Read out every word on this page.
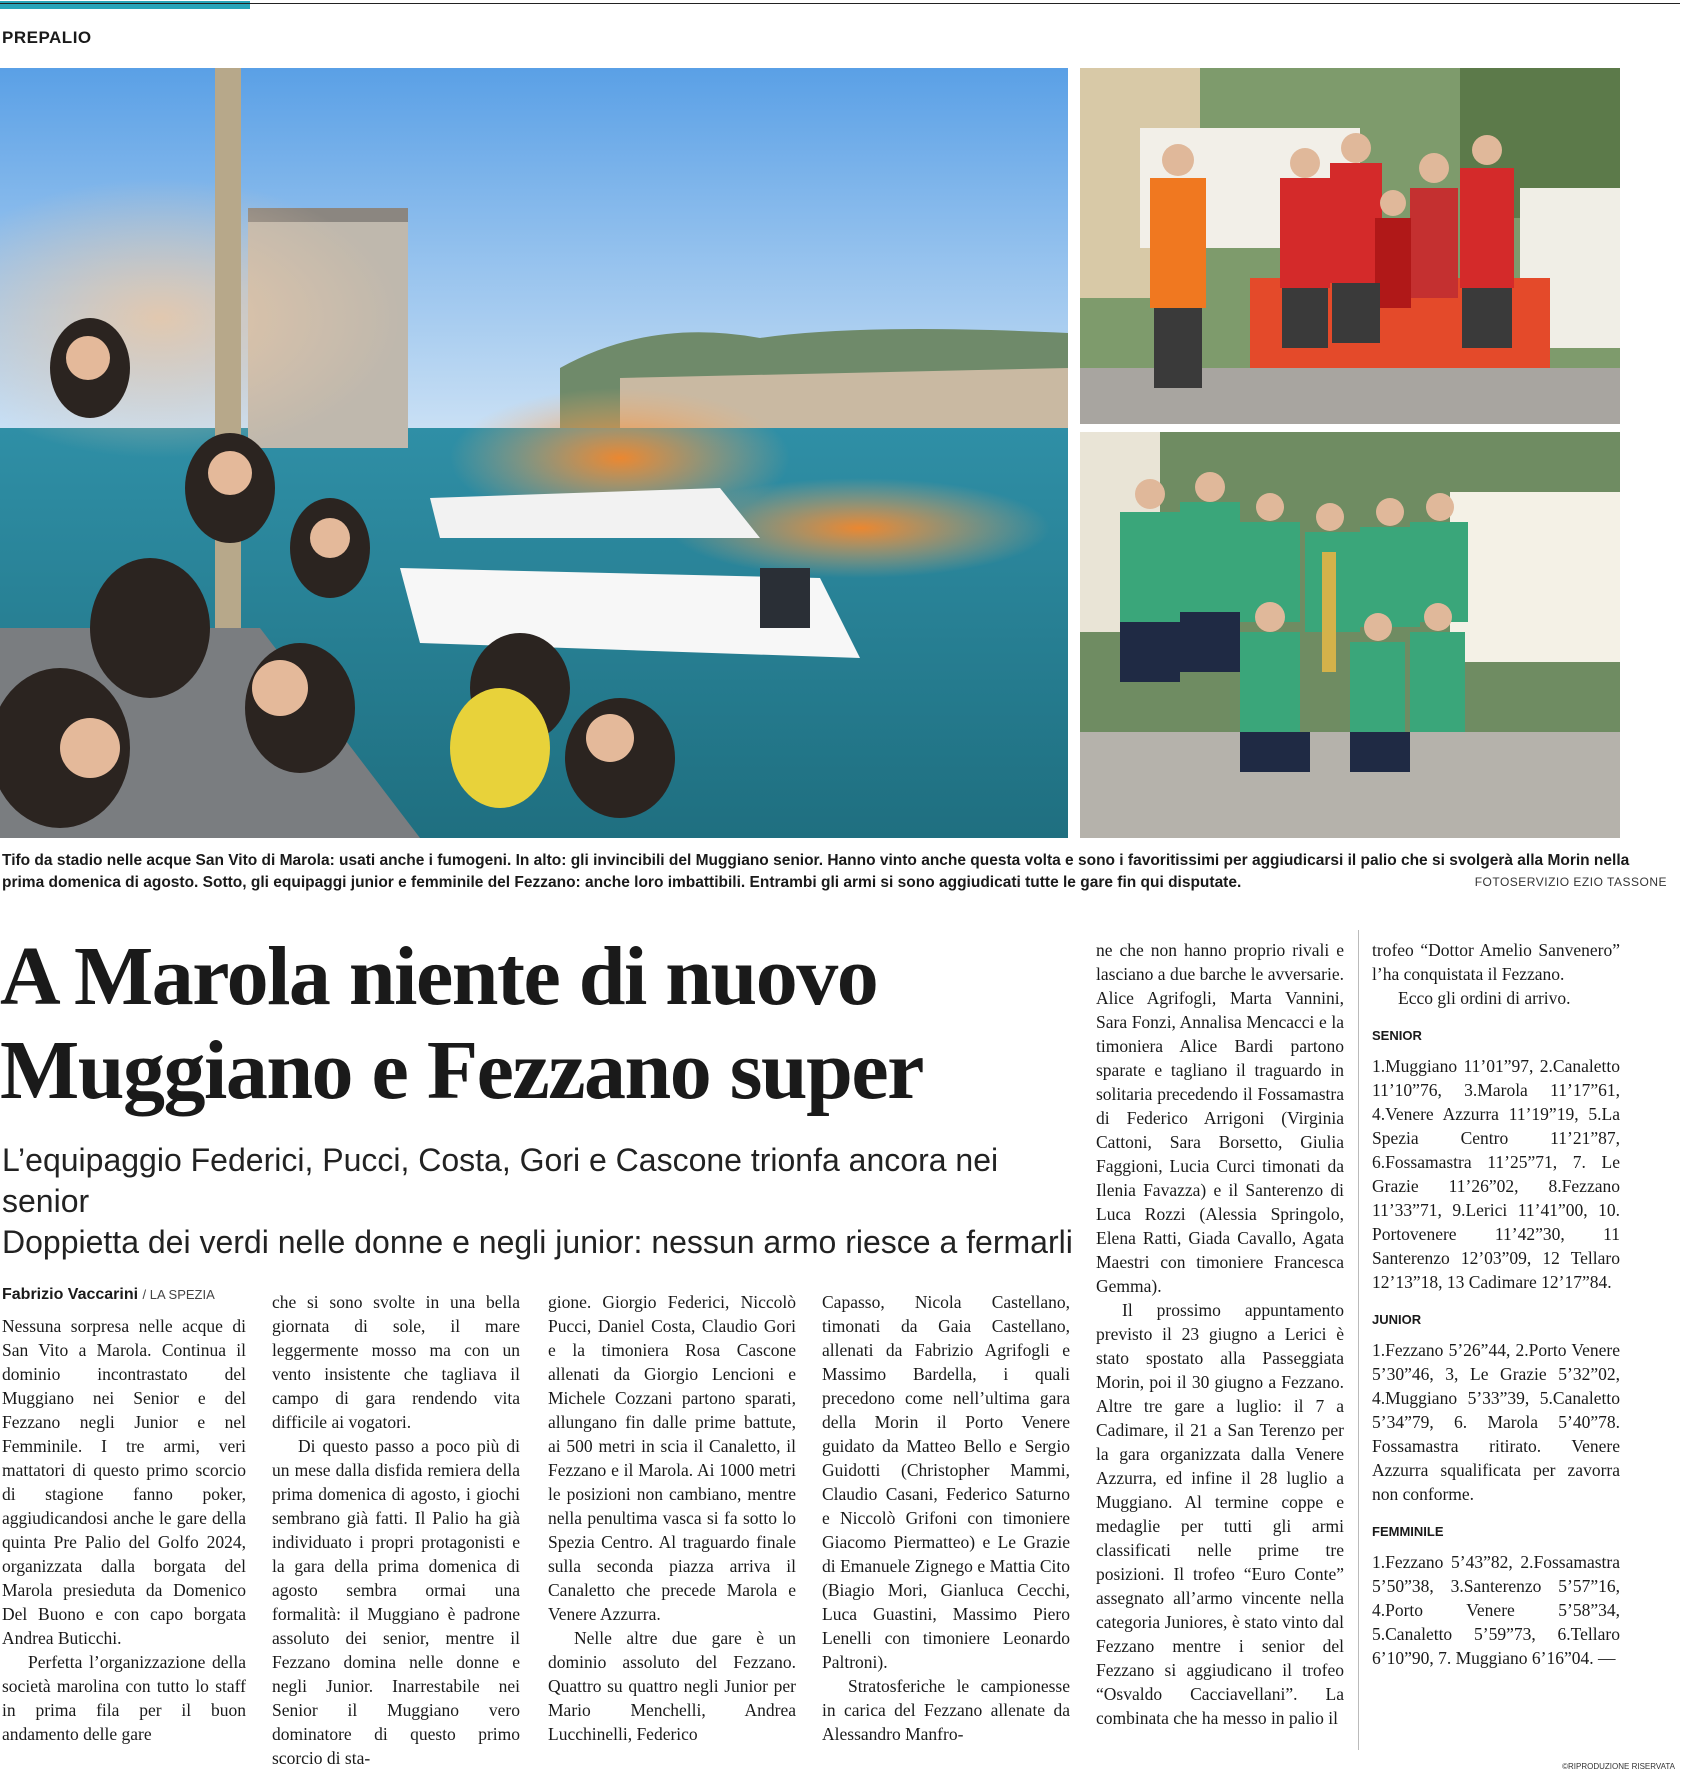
PREPALIO
Tifo da stadio nelle acque San Vito di Marola: usati anche i fumogeni. In alto: gli invincibili del Muggiano senior. Hanno vinto anche questa volta e sono i favoritissimi per aggiudicarsi il palio che si svolgerà alla Morin nella prima domenica di agosto. Sotto, gli equipaggi junior e femminile del Fezzano: anche loro imbattibili. Entrambi gli armi si sono aggiudicati tutte le gare fin qui disputate.	FOTOSERVIZIO EZIO TASSONE
A Marola niente di nuovo
Muggiano e Fezzano super
L’equipaggio Federici, Pucci, Costa, Gori e Cascone trionfa ancora nei senior
Doppietta dei verdi nelle donne e negli junior: nessun armo riesce a fermarli
Fabrizio Vaccarini / LA SPEZIA

Nessuna sorpresa nelle acque di San Vito a Marola. Continua il dominio incontrastato del Muggiano nei Senior e del Fezzano negli Junior e nel Femminile. I tre armi, veri mattatori di questo primo scorcio di stagione fanno poker, aggiudicandosi anche le gare della quinta Pre Palio del Golfo 2024, organizzata dalla borgata del Marola presieduta da Domenico Del Buono e con capo borgata Andrea Buticchi.

Perfetta l’organizzazione della società marolina con tutto lo staff in prima fila per il buon andamento delle gare

che si sono svolte in una bella giornata di sole, il mare leggermente mosso ma con un vento insistente che tagliava il campo di gara rendendo vita difficile ai vogatori.

Di questo passo a poco più di un mese dalla disfida remiera della prima domenica di agosto, i giochi sembrano già fatti. Il Palio ha già individuato i propri protagonisti e la gara della prima domenica di agosto sembra ormai una formalità: il Muggiano è padrone assoluto dei senior, mentre il Fezzano domina nelle donne e negli Junior. Inarrestabile nei Senior il Muggiano vero dominatore di questo primo scorcio di sta-

gione. Giorgio Federici, Niccolò Pucci, Daniel Costa, Claudio Gori e la timoniera Rosa Cascone allenati da Giorgio Lencioni e Michele Cozzani partono sparati, allungano fin dalle prime battute, ai 500 metri in scia il Canaletto, il Fezzano e il Marola. Ai 1000 metri le posizioni non cambiano, mentre nella penultima vasca si fa sotto lo Spezia Centro. Al traguardo finale sulla seconda piazza arriva il Canaletto che precede Marola e Venere Azzurra.

Nelle altre due gare è un dominio assoluto del Fezzano. Quattro su quattro negli Junior per Mario Menchelli, Andrea Lucchinelli, Federico

Capasso, Nicola Castellano, timonati da Gaia Castellano, allenati da Fabrizio Agrifogli e Massimo Bardella, i quali precedono come nell’ultima gara della Morin il Porto Venere guidato da Matteo Bello e Sergio Guidotti (Christopher Mammi, Claudio Casani, Federico Saturno e Niccolò Grifoni con timoniere Giacomo Piermatteo) e Le Grazie di Emanuele Zignego e Mattia Cito (Biagio Mori, Gianluca Cecchi, Luca Guastini, Massimo Piero Lenelli con timoniere Leonardo Paltroni).

Stratosferiche le campionesse in carica del Fezzano allenate da Alessandro Manfro-

ne che non hanno proprio rivali e lasciano a due barche le avversarie. Alice Agrifogli, Marta Vannini, Sara Fonzi, Annalisa Mencacci e la timoniera Alice Bardi partono sparate e tagliano il traguardo in solitaria precedendo il Fossamastra di Federico Arrigoni (Virginia Cattoni, Sara Borsetto, Giulia Faggioni, Lucia Curci timonati da Ilenia Favazza) e il Santerenzo di Luca Rozzi (Alessia Springolo, Elena Ratti, Giada Cavallo, Agata Maestri con timoniere Francesca Gemma).

Il prossimo appuntamento previsto il 23 giugno a Lerici è stato spostato alla Passeggiata Morin, poi il 30 giugno a Fezzano. Altre tre gare a luglio: il 7 a Cadimare, il 21 a San Terenzo per la gara organizzata dalla Venere Azzurra, ed infine il 28 luglio a Muggiano. Al termine coppe e medaglie per tutti gli armi classificati nelle prime tre posizioni. Il trofeo “Euro Conte” assegnato all’armo vincente nella categoria Juniores, è stato vinto dal Fezzano mentre i senior del Fezzano si aggiudicano il trofeo “Osvaldo Cacciavellani”. La combinata che ha messo in palio il

trofeo “Dottor Amelio Sanvenero” l’ha conquistata il Fezzano.

Ecco gli ordini di arrivo.

SENIOR

1.Muggiano 11’01”97, 2.Canaletto 11’10”76, 3.Marola 11’17”61, 4.Venere Azzurra 11’19”19, 5.La Spezia Centro 11’21”87, 6.Fossamastra 11’25”71, 7. Le Grazie 11’26”02, 8.Fezzano 11’33”71, 9.Lerici 11’41”00, 10. Portovenere 11’42”30, 11 Santerenzo 12’03”09, 12 Tellaro 12’13”18, 13 Cadimare 12’17”84.

JUNIOR

1.Fezzano 5’26”44, 2.Porto Venere 5’30”46, 3, Le Grazie 5’32”02, 4.Muggiano 5’33”39, 5.Canaletto 5’34”79, 6. Marola 5’40”78. Fossamastra ritirato. Venere Azzurra squalificata per zavorra non conforme.

FEMMINILE

1.Fezzano 5’43”82, 2.Fossamastra 5’50”38, 3.Santerenzo 5’57”16, 4.Porto Venere 5’58”34, 5.Canaletto 5’59”73, 6.Tellaro 6’10”90, 7. Muggiano 6’16”04. —

©RIPRODUZIONE RISERVATA
